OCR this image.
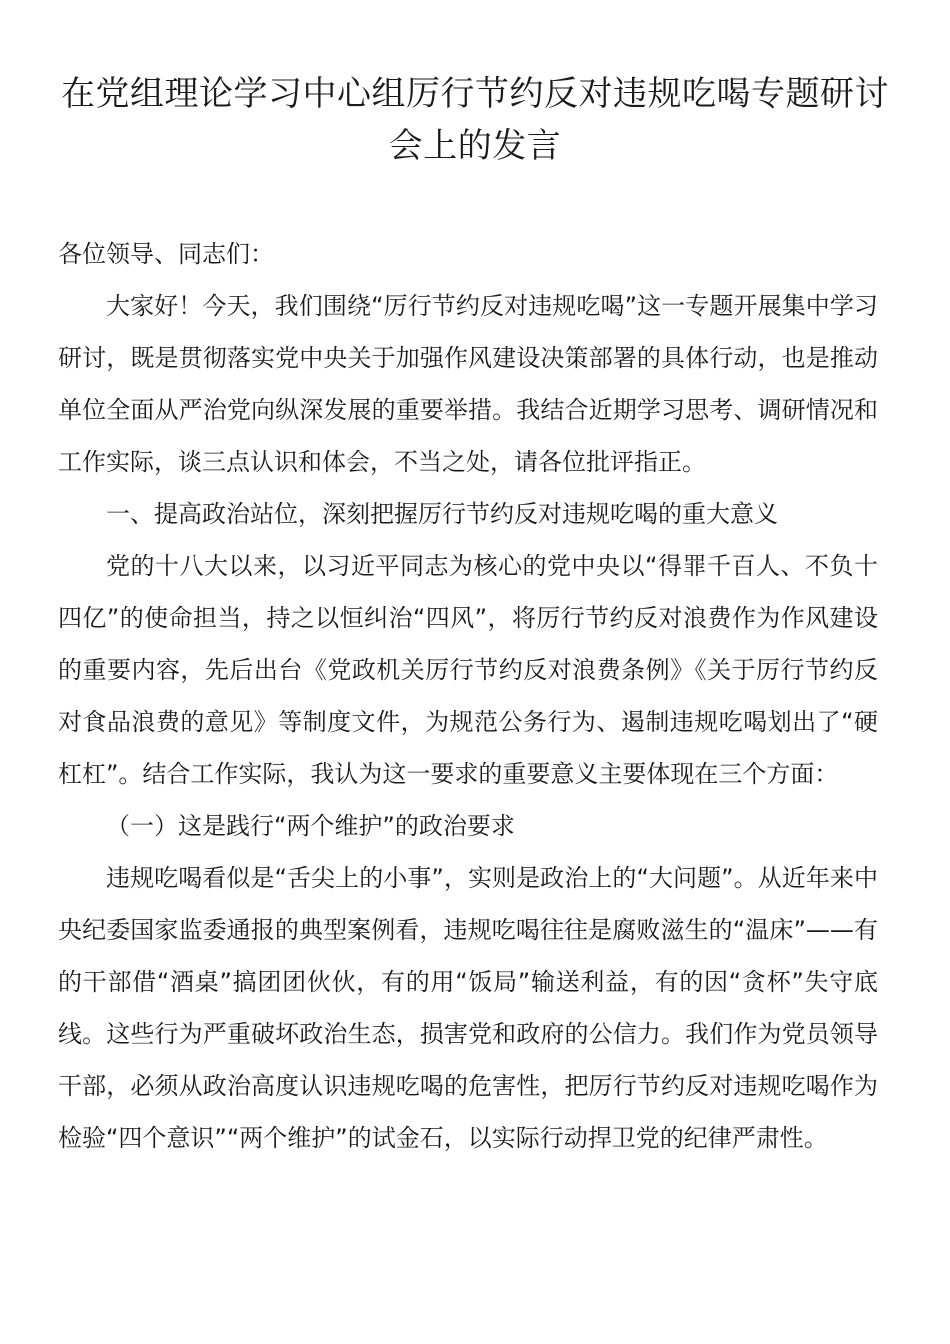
在党组理论学习中心组厉行节约反对违规吃喝专题研讨会上的发言

各位领导、同志们：

大家好！今天，我们围绕“厉行节约反对违规吃喝”这一专题开展集中学习研讨，既是贯彻落实党中央关于加强作风建设决策部署的具体行动，也是推动单位全面从严治党向纵深发展的重要举措。我结合近期学习思考、调研情况和工作实际，谈三点认识和体会，不当之处，请各位批评指正。

一、提高政治站位，深刻把握厉行节约反对违规吃喝的重大意义

党的十八大以来，以习近平同志为核心的党中央以“得罪千百人、不负十四亿”的使命担当，持之以恒纠治“四风”，将厉行节约反对浪费作为作风建设的重要内容，先后出台《党政机关厉行节约反对浪费条例》《关于厉行节约反对食品浪费的意见》等制度文件，为规范公务行为、遏制违规吃喝划出了“硬杠杠”。结合工作实际，我认为这一要求的重要意义主要体现在三个方面：

（一）这是践行“两个维护”的政治要求

违规吃喝看似是“舌尖上的小事”，实则是政治上的“大问题”。从近年来中央纪委国家监委通报的典型案例看，违规吃喝往往是腐败滋生的“温床”——有的干部借“酒桌”搞团团伙伙，有的用“饭局”输送利益，有的因“贪杯”失守底线。这些行为严重破坏政治生态，损害党和政府的公信力。我们作为党员领导干部，必须从政治高度认识违规吃喝的危害性，把厉行节约反对违规吃喝作为检验“四个意识”“两个维护”的试金石，以实际行动捍卫党的纪律严肃性。
